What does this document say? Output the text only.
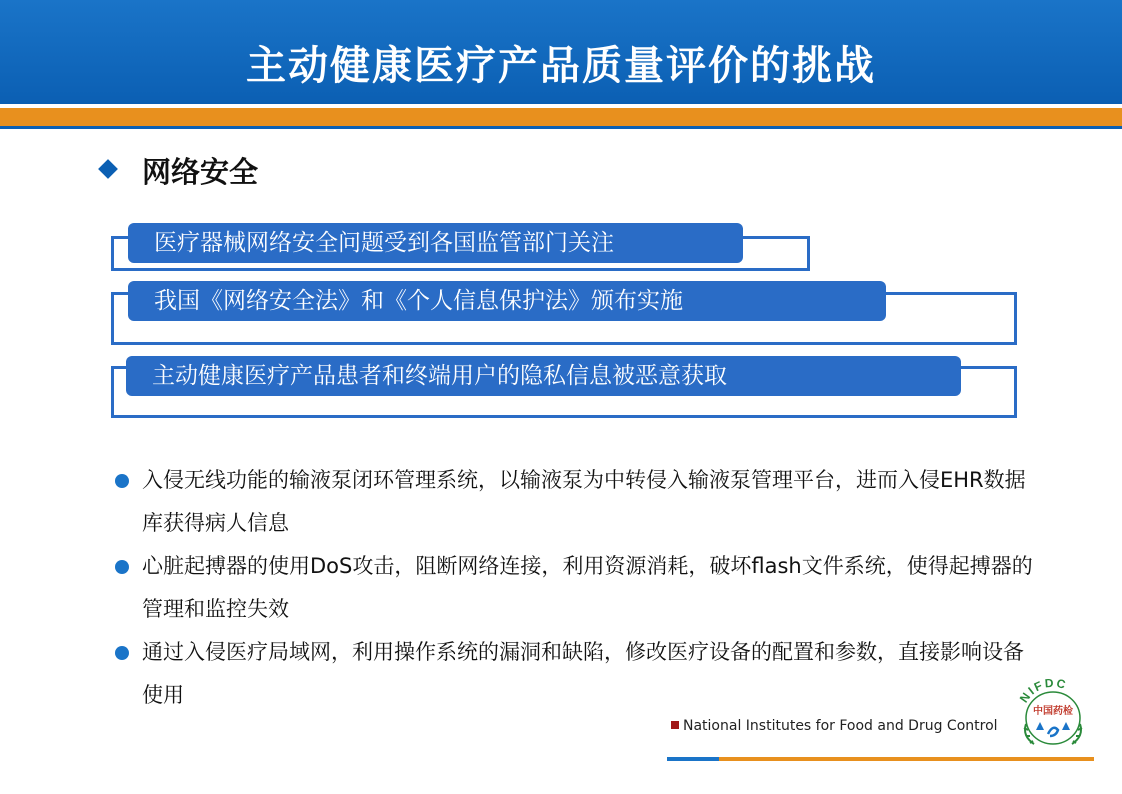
主动健康医疗产品质量评价的挑战
网络安全
医疗器械网络安全问题受到各国监管部门关注
我国《网络安全法》和《个人信息保护法》颁布实施
主动健康医疗产品患者和终端用户的隐私信息被恶意获取
入侵无线功能的输液泵闭环管理系统，以输液泵为中转侵入输液泵管理平台，进而入侵EHR数据库获得病人信息
心脏起搏器的使用DoS攻击，阻断网络连接，利用资源消耗，破坏flash文件系统，使得起搏器的管理和监控失效
通过入侵医疗局域网，利用操作系统的漏洞和缺陷，修改医疗设备的配置和参数，直接影响设备使用
National Institutes for Food and Drug Control
NIFDC
中国药检
